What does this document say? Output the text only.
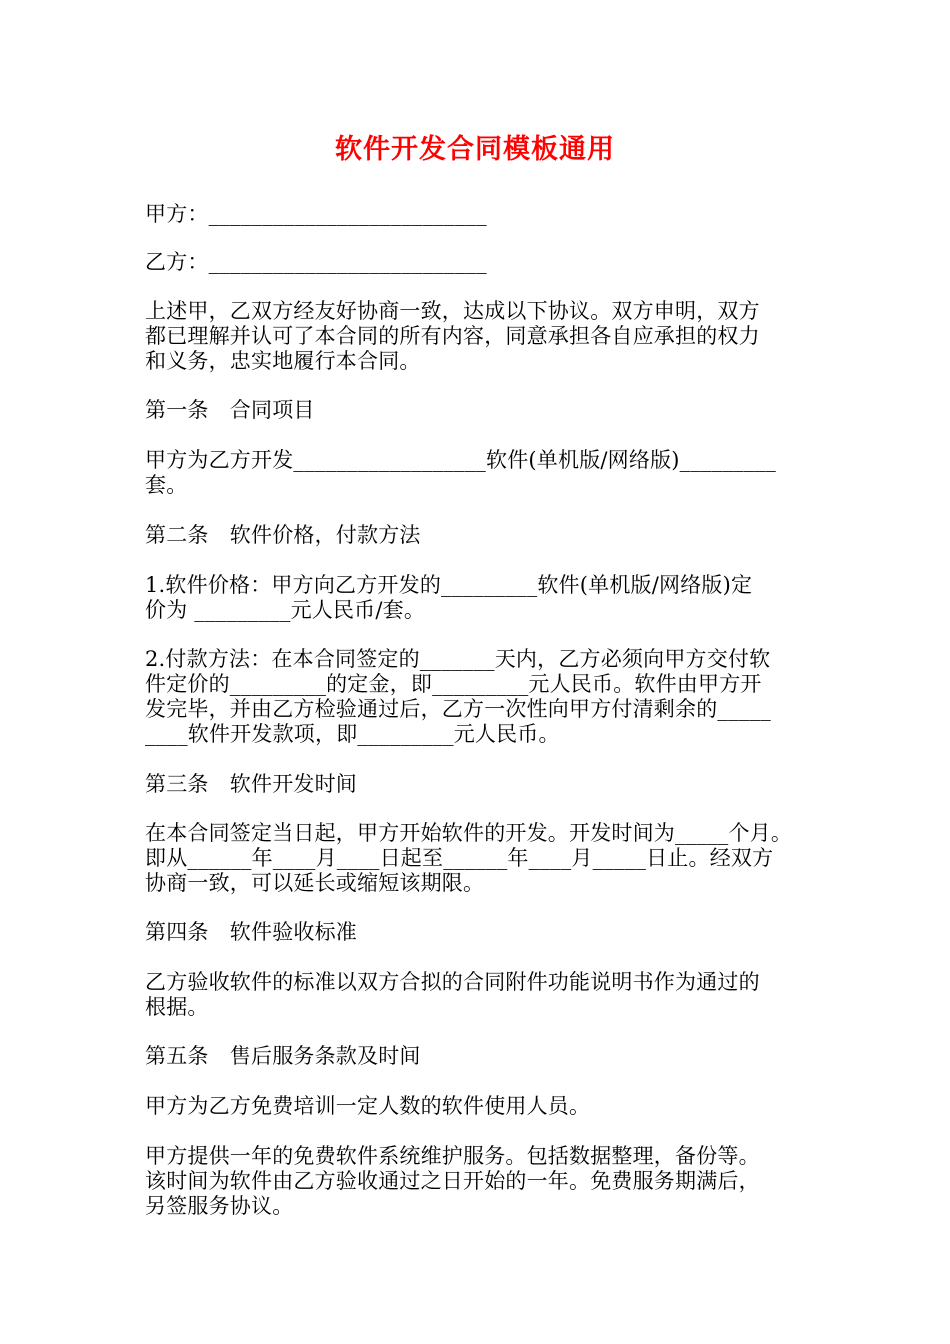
软件开发合同模板通用

甲方：__________________________

乙方：__________________________

上述甲，乙双方经友好协商一致，达成以下协议。双方申明，双方
都已理解并认可了本合同的所有内容，同意承担各自应承担的权力
和义务，忠实地履行本合同。

第一条　合同项目

甲方为乙方开发__________________软件(单机版/网络版)_________
套。

第二条　软件价格，付款方法

1.软件价格：甲方向乙方开发的_________软件(单机版/网络版)定
价为 _________元人民币/套。

2.付款方法：在本合同签定的_______天内，乙方必须向甲方交付软
件定价的_________的定金，即_________元人民币。软件由甲方开
发完毕，并由乙方检验通过后，乙方一次性向甲方付清剩余的_____
____软件开发款项，即_________元人民币。

第三条　软件开发时间

在本合同签定当日起，甲方开始软件的开发。开发时间为_____个月。
即从______年____月____日起至______年____月_____日止。经双方
协商一致，可以延长或缩短该期限。

第四条　软件验收标准

乙方验收软件的标准以双方合拟的合同附件功能说明书作为通过的
根据。

第五条　售后服务条款及时间

甲方为乙方免费培训一定人数的软件使用人员。

甲方提供一年的免费软件系统维护服务。包括数据整理，备份等。
该时间为软件由乙方验收通过之日开始的一年。免费服务期满后，
另签服务协议。
